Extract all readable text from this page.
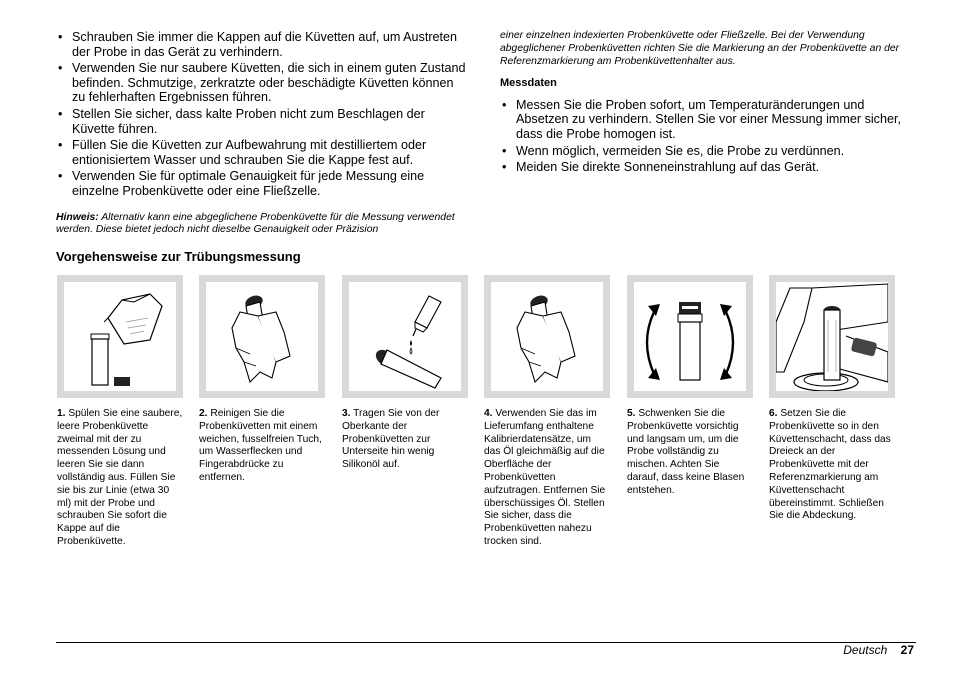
• Schrauben Sie immer die Kappen auf die Küvetten auf, um Austreten der Probe in das Gerät zu verhindern.
• Verwenden Sie nur saubere Küvetten, die sich in einem guten Zustand befinden. Schmutzige, zerkratzte oder beschädigte Küvetten können zu fehlerhaften Ergebnissen führen.
• Stellen Sie sicher, dass kalte Proben nicht zum Beschlagen der Küvette führen.
• Füllen Sie die Küvetten zur Aufbewahrung mit destilliertem oder entionisiertem Wasser und schrauben Sie die Kappe fest auf.
• Verwenden Sie für optimale Genauigkeit für jede Messung eine einzelne Probenküvette oder eine Fließzelle.
Hinweis: Alternativ kann eine abgeglichene Probenküvette für die Messung verwendet werden. Diese bietet jedoch nicht dieselbe Genauigkeit oder Präzision
einer einzelnen indexierten Probenküvette oder Fließzelle. Bei der Verwendung abgeglichener Probenküvetten richten Sie die Markierung an der Probenküvette an der Referenzmarkierung am Probenküvettenhalter aus.
Messdaten
• Messen Sie die Proben sofort, um Temperaturänderungen und Absetzen zu verhindern. Stellen Sie vor einer Messung immer sicher, dass die Probe homogen ist.
• Wenn möglich, vermeiden Sie es, die Probe zu verdünnen.
• Meiden Sie direkte Sonneneinstrahlung auf das Gerät.
Vorgehensweise zur Trübungsmessung
1. Spülen Sie eine saubere, leere Probenküvette zweimal mit der zu messenden Lösung und leeren Sie sie dann vollständig aus. Füllen Sie sie bis zur Linie (etwa 30 ml) mit der Probe und schrauben Sie sofort die Kappe auf die Probenküvette.
2. Reinigen Sie die Probenküvetten mit einem weichen, fusselfreien Tuch, um Wasserflecken und Fingerabdrücke zu entfernen.
3. Tragen Sie von der Oberkante der Probenküvetten zur Unterseite hin wenig Silikonöl auf.
4. Verwenden Sie das im Lieferumfang enthaltene Kalibrierdatensätze, um das Öl gleichmäßig auf die Oberfläche der Probenküvetten aufzutragen. Entfernen Sie überschüssiges Öl. Stellen Sie sicher, dass die Probenküvetten nahezu trocken sind.
5. Schwenken Sie die Probenküvette vorsichtig und langsam um, um die Probe vollständig zu mischen. Achten Sie darauf, dass keine Blasen entstehen.
6. Setzen Sie die Probenküvette so in den Küvettenschacht, dass das Dreieck an der Probenküvette mit der Referenzmarkierung am Küvettenschacht übereinstimmt. Schließen Sie die Abdeckung.
Deutsch 27
